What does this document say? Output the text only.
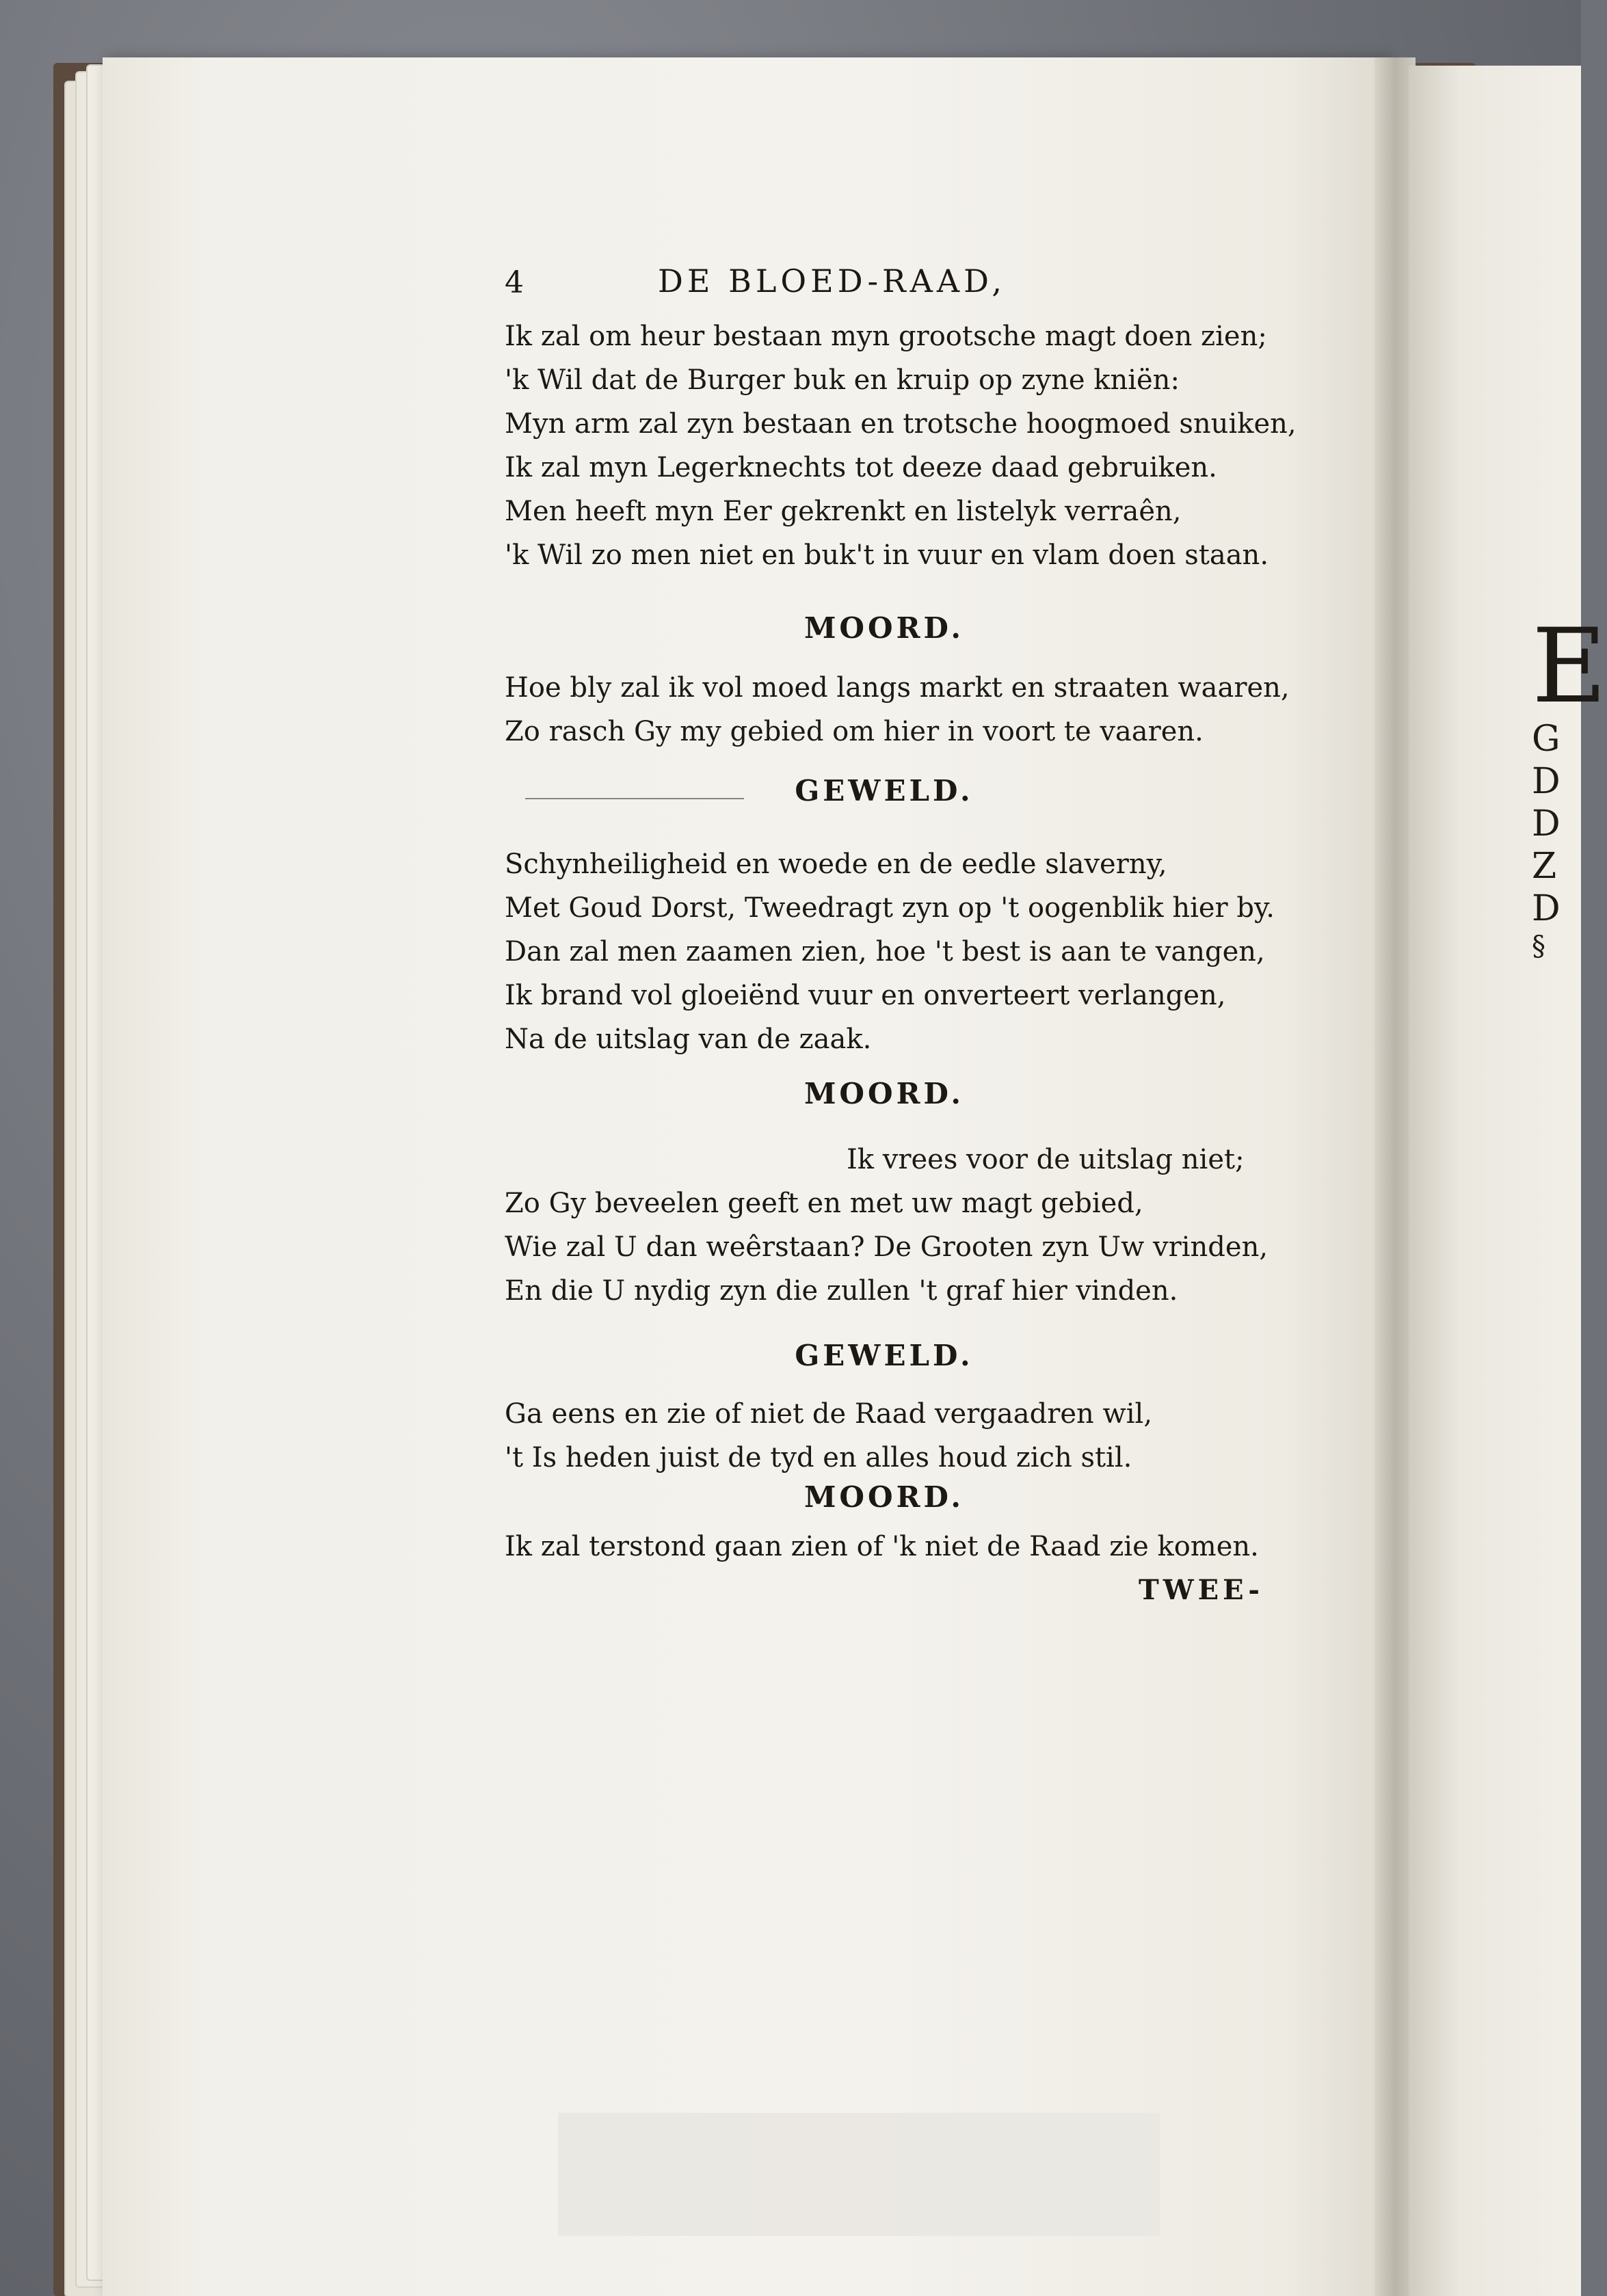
E
G
D
D
Z
D
§
4	DE BLOED-RAAD,
Ik zal om heur bestaan myn grootsche magt doen zien;
'k Wil dat de Burger buk en kruip op zyne kniën:
Myn arm zal zyn bestaan en trotsche hoogmoed snuiken,
Ik zal myn Legerknechts tot deeze daad gebruiken.
Men heeft myn Eer gekrenkt en listelyk verraên,
'k Wil zo men niet en buk't in vuur en vlam doen staan.
MOORD.
Hoe bly zal ik vol moed langs markt en straaten waaren,
Zo rasch Gy my gebied om hier in voort te vaaren.
GEWELD.
Schynheiligheid en woede en de eedle slaverny,
Met Goud Dorst, Tweedragt zyn op 't oogenblik hier by.
Dan zal men zaamen zien, hoe 't best is aan te vangen,
Ik brand vol gloeiënd vuur en onverteert verlangen,
Na de uitslag van de zaak.
MOORD.
Ik vrees voor de uitslag niet;
Zo Gy beveelen geeft en met uw magt gebied,
Wie zal U dan weêrstaan? De Grooten zyn Uw vrinden,
En die U nydig zyn die zullen 't graf hier vinden.
GEWELD.
Ga eens en zie of niet de Raad vergaadren wil,
't Is heden juist de tyd en alles houd zich stil.
MOORD.
Ik zal terstond gaan zien of 'k niet de Raad zie komen.
TWEE-
